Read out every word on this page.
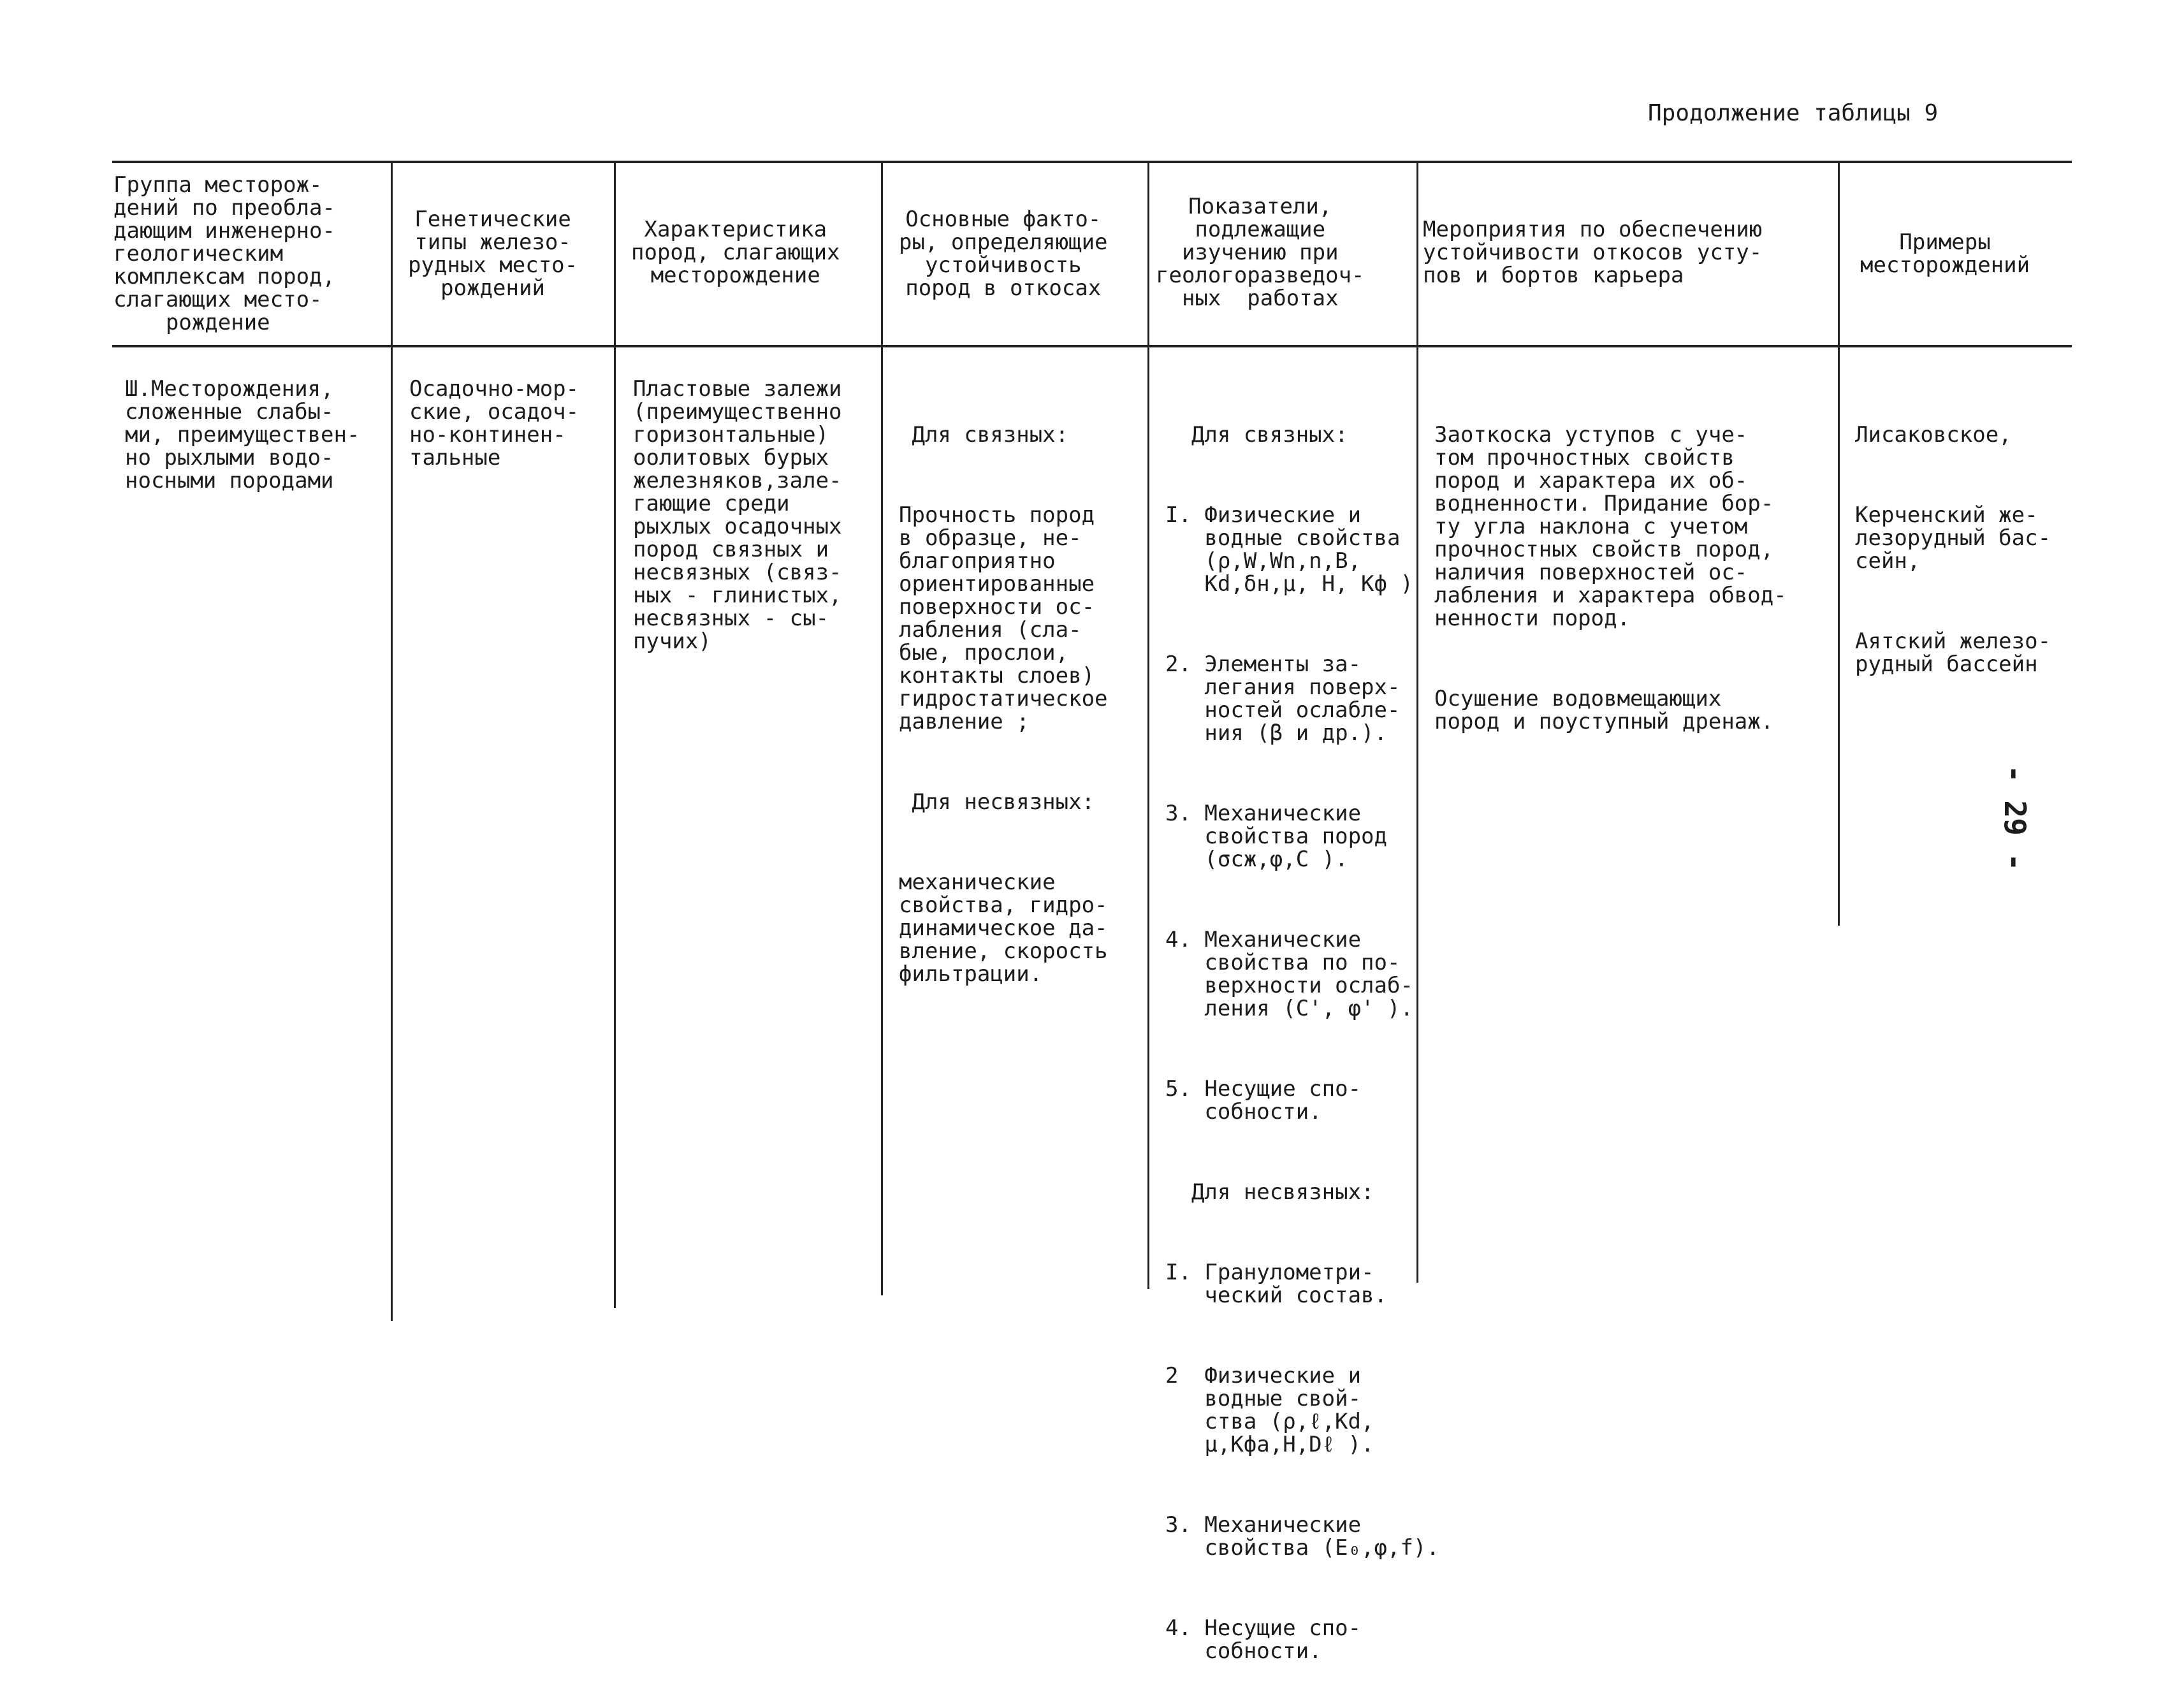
Продолжение таблицы 9
Группа месторож-
дений по преобла-
дающим инженерно-
геологическим
комплексам пород,
слагающих место-
рождение
Генетические
типы железо-
рудных место-
рождений
Характеристика
пород, слагающих
месторождение
Основные факто-
ры, определяющие
устойчивость
пород в откосах
Показатели,
подлежащие
изучению при
геологоразведоч-
ных  работах
Мероприятия по обеспечению
устойчивости откосов усту-
пов и бортов карьера
Примеры
месторождений
Ш.Месторождения,
сложенные слабы-
ми, преимуществен-
но рыхлыми водо-
носными породами
Осадочно-мор-
ские, осадоч-
но-континен-
тальные
Пластовые залежи
(преимущественно
горизонтальные)
оолитовых бурых
железняков,зале-
гающие среди
рыхлых осадочных
пород связных и
несвязных (связ-
ных - глинистых,
несвязных - сы-
пучих)

Для связных:

Прочность пород
в образце, не-
благоприятно
ориентированные
поверхности ос-
лабления (сла-
бые, прослои,
контакты слоев)
гидростатическое
давление ;

Для несвязных:

механические
свойства, гидро-
динамическое да-
вление, скорость
фильтрации.

Для связных:

I. Физические и
водные свойства
(ρ,W,Wn,n,B,
Kd,δн,μ, H, Kф )

2. Элементы за-
легания поверх-
ностей ослабле-
ния (β и др.).

3. Механические
свойства пород
(σсж,φ,C ).

4. Механические
свойства по по-
верхности ослаб-
ления (C', φ' ).

5. Несущие спо-
собности.

Для несвязных:

I. Гранулометри-
ческий состав.

2  Физические и
водные свой-
ства (ρ,ℓ,Kd,
μ,Kфа,H,Dℓ ).

3. Механические
свойства (E₀,φ,f).

4. Несущие спо-
собности.

Заоткоска уступов с уче-
том прочностных свойств
пород и характера их об-
водненности. Придание бор-
ту угла наклона с учетом
прочностных свойств пород,
наличия поверхностей ос-
лабления и характера обвод-
ненности пород.

Осушение водовмещающих
пород и поуступный дренаж.

Лисаковское,

Керченский же-
лезорудный бас-
сейн,

Аятский железо-
рудный бассейн

- 29 -
